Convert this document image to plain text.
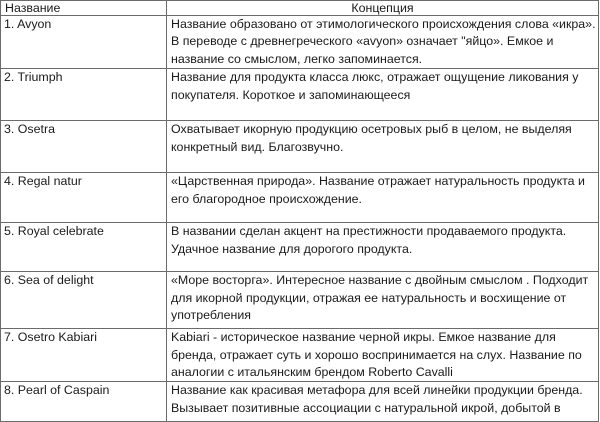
Название	Концепция
1. Avyon	Название образовано от этимологического происхождения слова «икра». В переводе с древнегреческого «avyon» означает "яйцо». Емкое и название со смыслом, легко запоминается.
2. Triumph	Название для продукта класса люкс, отражает ощущение ликования у покупателя. Короткое и запоминающееся
3. Osetra	Охватывает икорную продукцию осетровых рыб в целом, не выделяя конкретный вид. Благозвучно.
4. Regal natur	«Царственная природа». Название отражает натуральность продукта и его благородное происхождение.
5. Royal celebrate	В названии сделан акцент на престижности продаваемого продукта. Удачное название для дорогого продукта.
6. Sea of delight	«Море восторга». Интересное название с двойным смыслом . Подходит для икорной продукции, отражая ее натуральность и восхищение от употребления
7. Osetro Kabiari	Kabiari - историческое название черной икры. Емкое название для бренда, отражает суть и хорошо воспринимается на слух. Название по аналогии с итальянским брендом Roberto Cavalli
8. Pearl of Caspain	Название как красивая метафора для всей линейки продукции бренда. Вызывает позитивные ассоциации с натуральной икрой, добытой в
